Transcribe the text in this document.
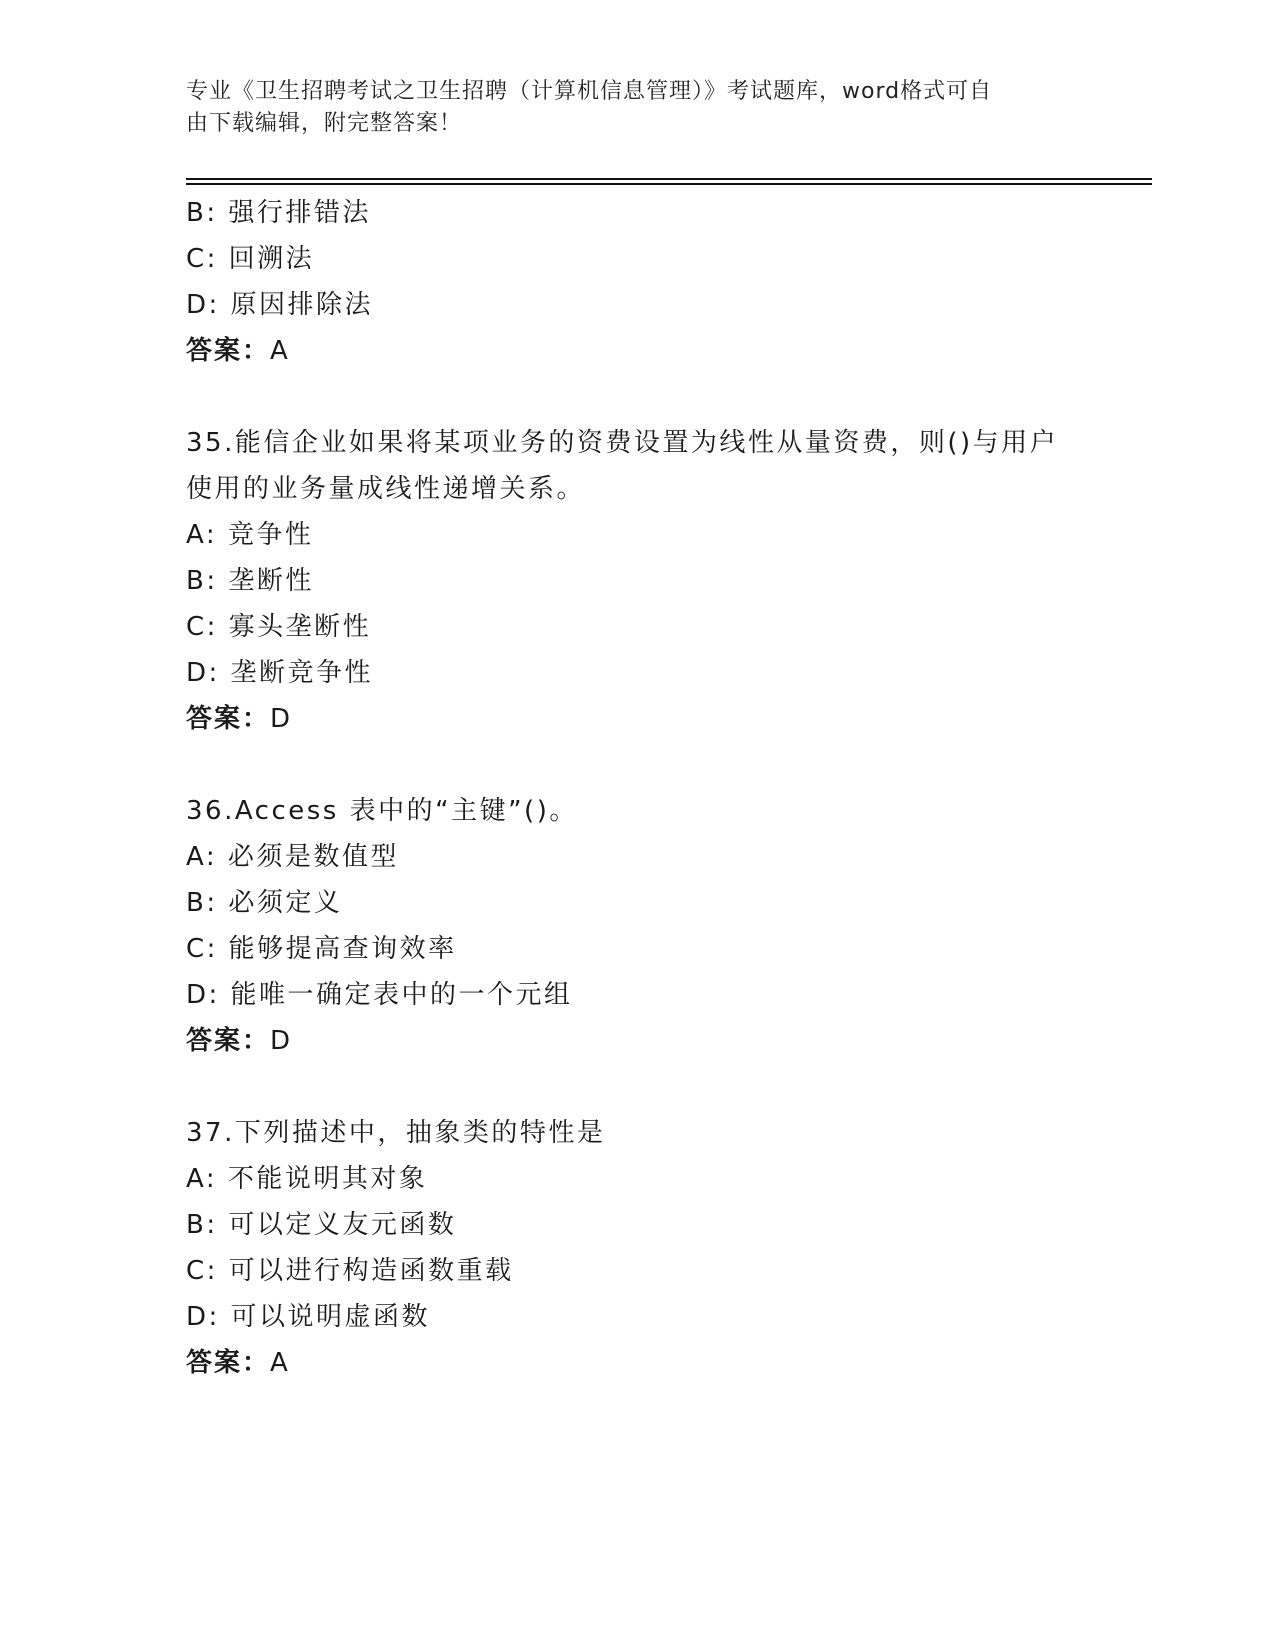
专业《卫生招聘考试之卫生招聘（计算机信息管理）》考试题库，word格式可自
由下载编辑，附完整答案！
B: 强行排错法
C: 回溯法
D: 原因排除法
答案：A
35.能信企业如果将某项业务的资费设置为线性从量资费，则()与用户
使用的业务量成线性递增关系。
A: 竞争性
B: 垄断性
C: 寡头垄断性
D: 垄断竞争性
答案：D
36.Access 表中的“主键”()。
A: 必须是数值型
B: 必须定义
C: 能够提高查询效率
D: 能唯一确定表中的一个元组
答案：D
37.下列描述中，抽象类的特性是
A: 不能说明其对象
B: 可以定义友元函数
C: 可以进行构造函数重载
D: 可以说明虚函数
答案：A
